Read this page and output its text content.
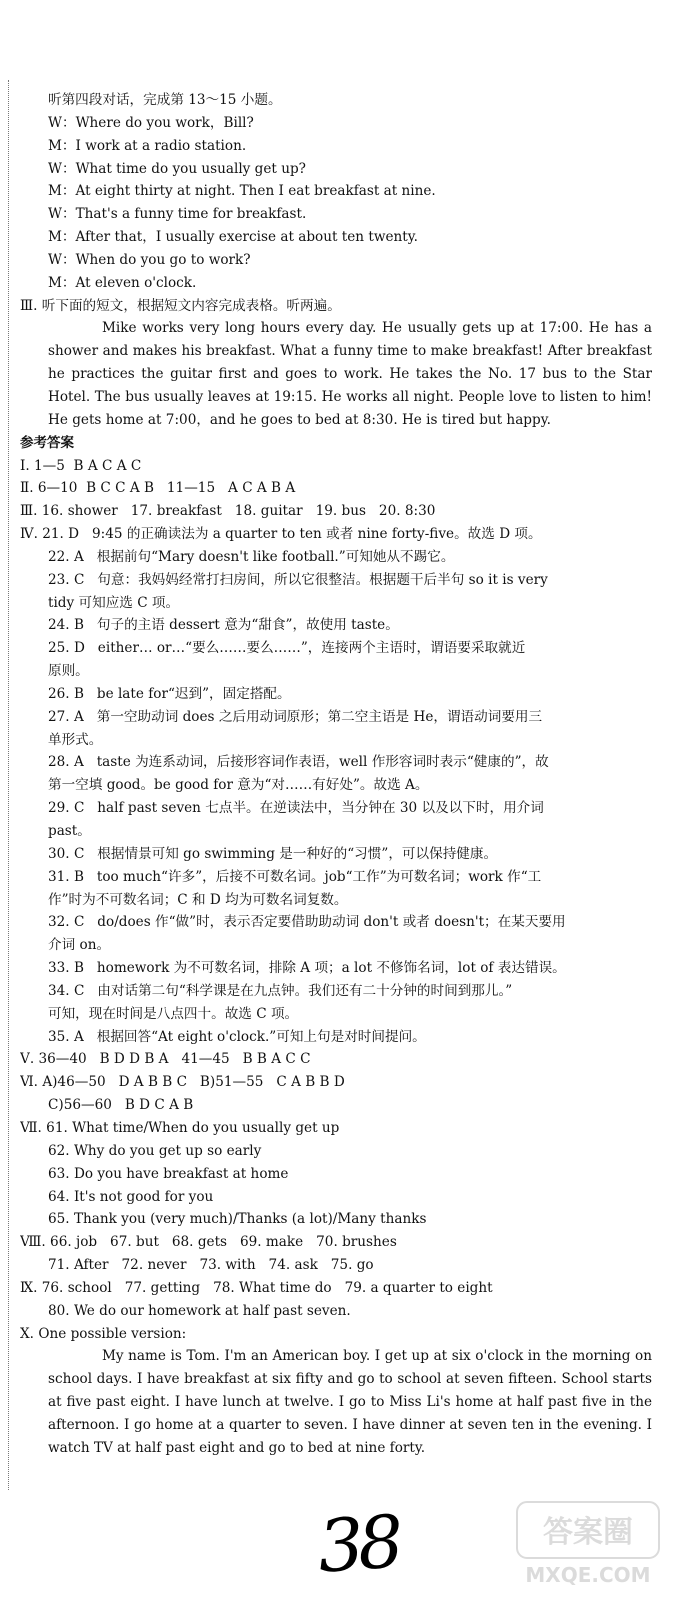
听第四段对话，完成第 13～15 小题。
W：Where do you work，Bill?
M：I work at a radio station.
W：What time do you usually get up?
M：At eight thirty at night. Then I eat breakfast at nine.
W：That's a funny time for breakfast.
M：After that，I usually exercise at about ten twenty.
W：When do you go to work?
M：At eleven o'clock.
Ⅲ. 听下面的短文，根据短文内容完成表格。听两遍。
Mike works very long hours every day. He usually gets up at 17:00. He has a shower and makes his breakfast. What a funny time to make breakfast! After breakfast he practices the guitar first and goes to work. He takes the No. 17 bus to the Star Hotel. The bus usually leaves at 19:15. He works all night. People love to listen to him! He gets home at 7:00，and he goes to bed at 8:30. He is tired but happy.
参考答案
Ⅰ. 1—5  B A C A C
Ⅱ. 6—10  B C C A B   11—15   A C A B A
Ⅲ. 16. shower   17. breakfast   18. guitar   19. bus   20. 8:30
Ⅳ. 21. D   9:45 的正确读法为 a quarter to ten 或者 nine forty-five。故选 D 项。
22. A   根据前句“Mary doesn't like football.”可知她从不踢它。
23. C   句意：我妈妈经常打扫房间，所以它很整洁。根据题干后半句 so it is very
tidy 可知应选 C 项。
24. B   句子的主语 dessert 意为“甜食”，故使用 taste。
25. D   either… or…“要么……要么……”，连接两个主语时，谓语要采取就近
原则。
26. B   be late for“迟到”，固定搭配。
27. A   第一空助动词 does 之后用动词原形；第二空主语是 He，谓语动词要用三
单形式。
28. A   taste 为连系动词，后接形容词作表语，well 作形容词时表示“健康的”，故
第一空填 good。be good for 意为“对……有好处”。故选 A。
29. C   half past seven 七点半。在逆读法中，当分钟在 30 以及以下时，用介词
past。
30. C   根据情景可知 go swimming 是一种好的“习惯”，可以保持健康。
31. B   too much“许多”，后接不可数名词。job“工作”为可数名词；work 作“工
作”时为不可数名词；C 和 D 均为可数名词复数。
32. C   do/does 作“做”时，表示否定要借助助动词 don't 或者 doesn't；在某天要用
介词 on。
33. B   homework 为不可数名词，排除 A 项；a lot 不修饰名词，lot of 表达错误。
34. C   由对话第二句“科学课是在九点钟。我们还有二十分钟的时间到那儿。”
可知，现在时间是八点四十。故选 C 项。
35. A   根据回答“At eight o'clock.”可知上句是对时间提问。
Ⅴ. 36—40   B D D B A   41—45   B B A C C
Ⅵ. A)46—50   D A B B C   B)51—55   C A B B D
C)56—60   B D C A B
Ⅶ. 61. What time/When do you usually get up
62. Why do you get up so early
63. Do you have breakfast at home
64. It's not good for you
65. Thank you (very much)/Thanks (a lot)/Many thanks
Ⅷ. 66. job   67. but   68. gets   69. make   70. brushes
71. After   72. never   73. with   74. ask   75. go
Ⅸ. 76. school   77. getting   78. What time do   79. a quarter to eight
80. We do our homework at half past seven.
Ⅹ. One possible version:
My name is Tom. I'm an American boy. I get up at six o'clock in the morning on school days. I have breakfast at six fifty and go to school at seven fifteen. School starts at five past eight. I have lunch at twelve. I go to Miss Li's home at half past five in the afternoon. I go home at a quarter to seven. I have dinner at seven ten in the evening. I watch TV at half past eight and go to bed at nine forty.
38	答案圈
MXQE.COM
